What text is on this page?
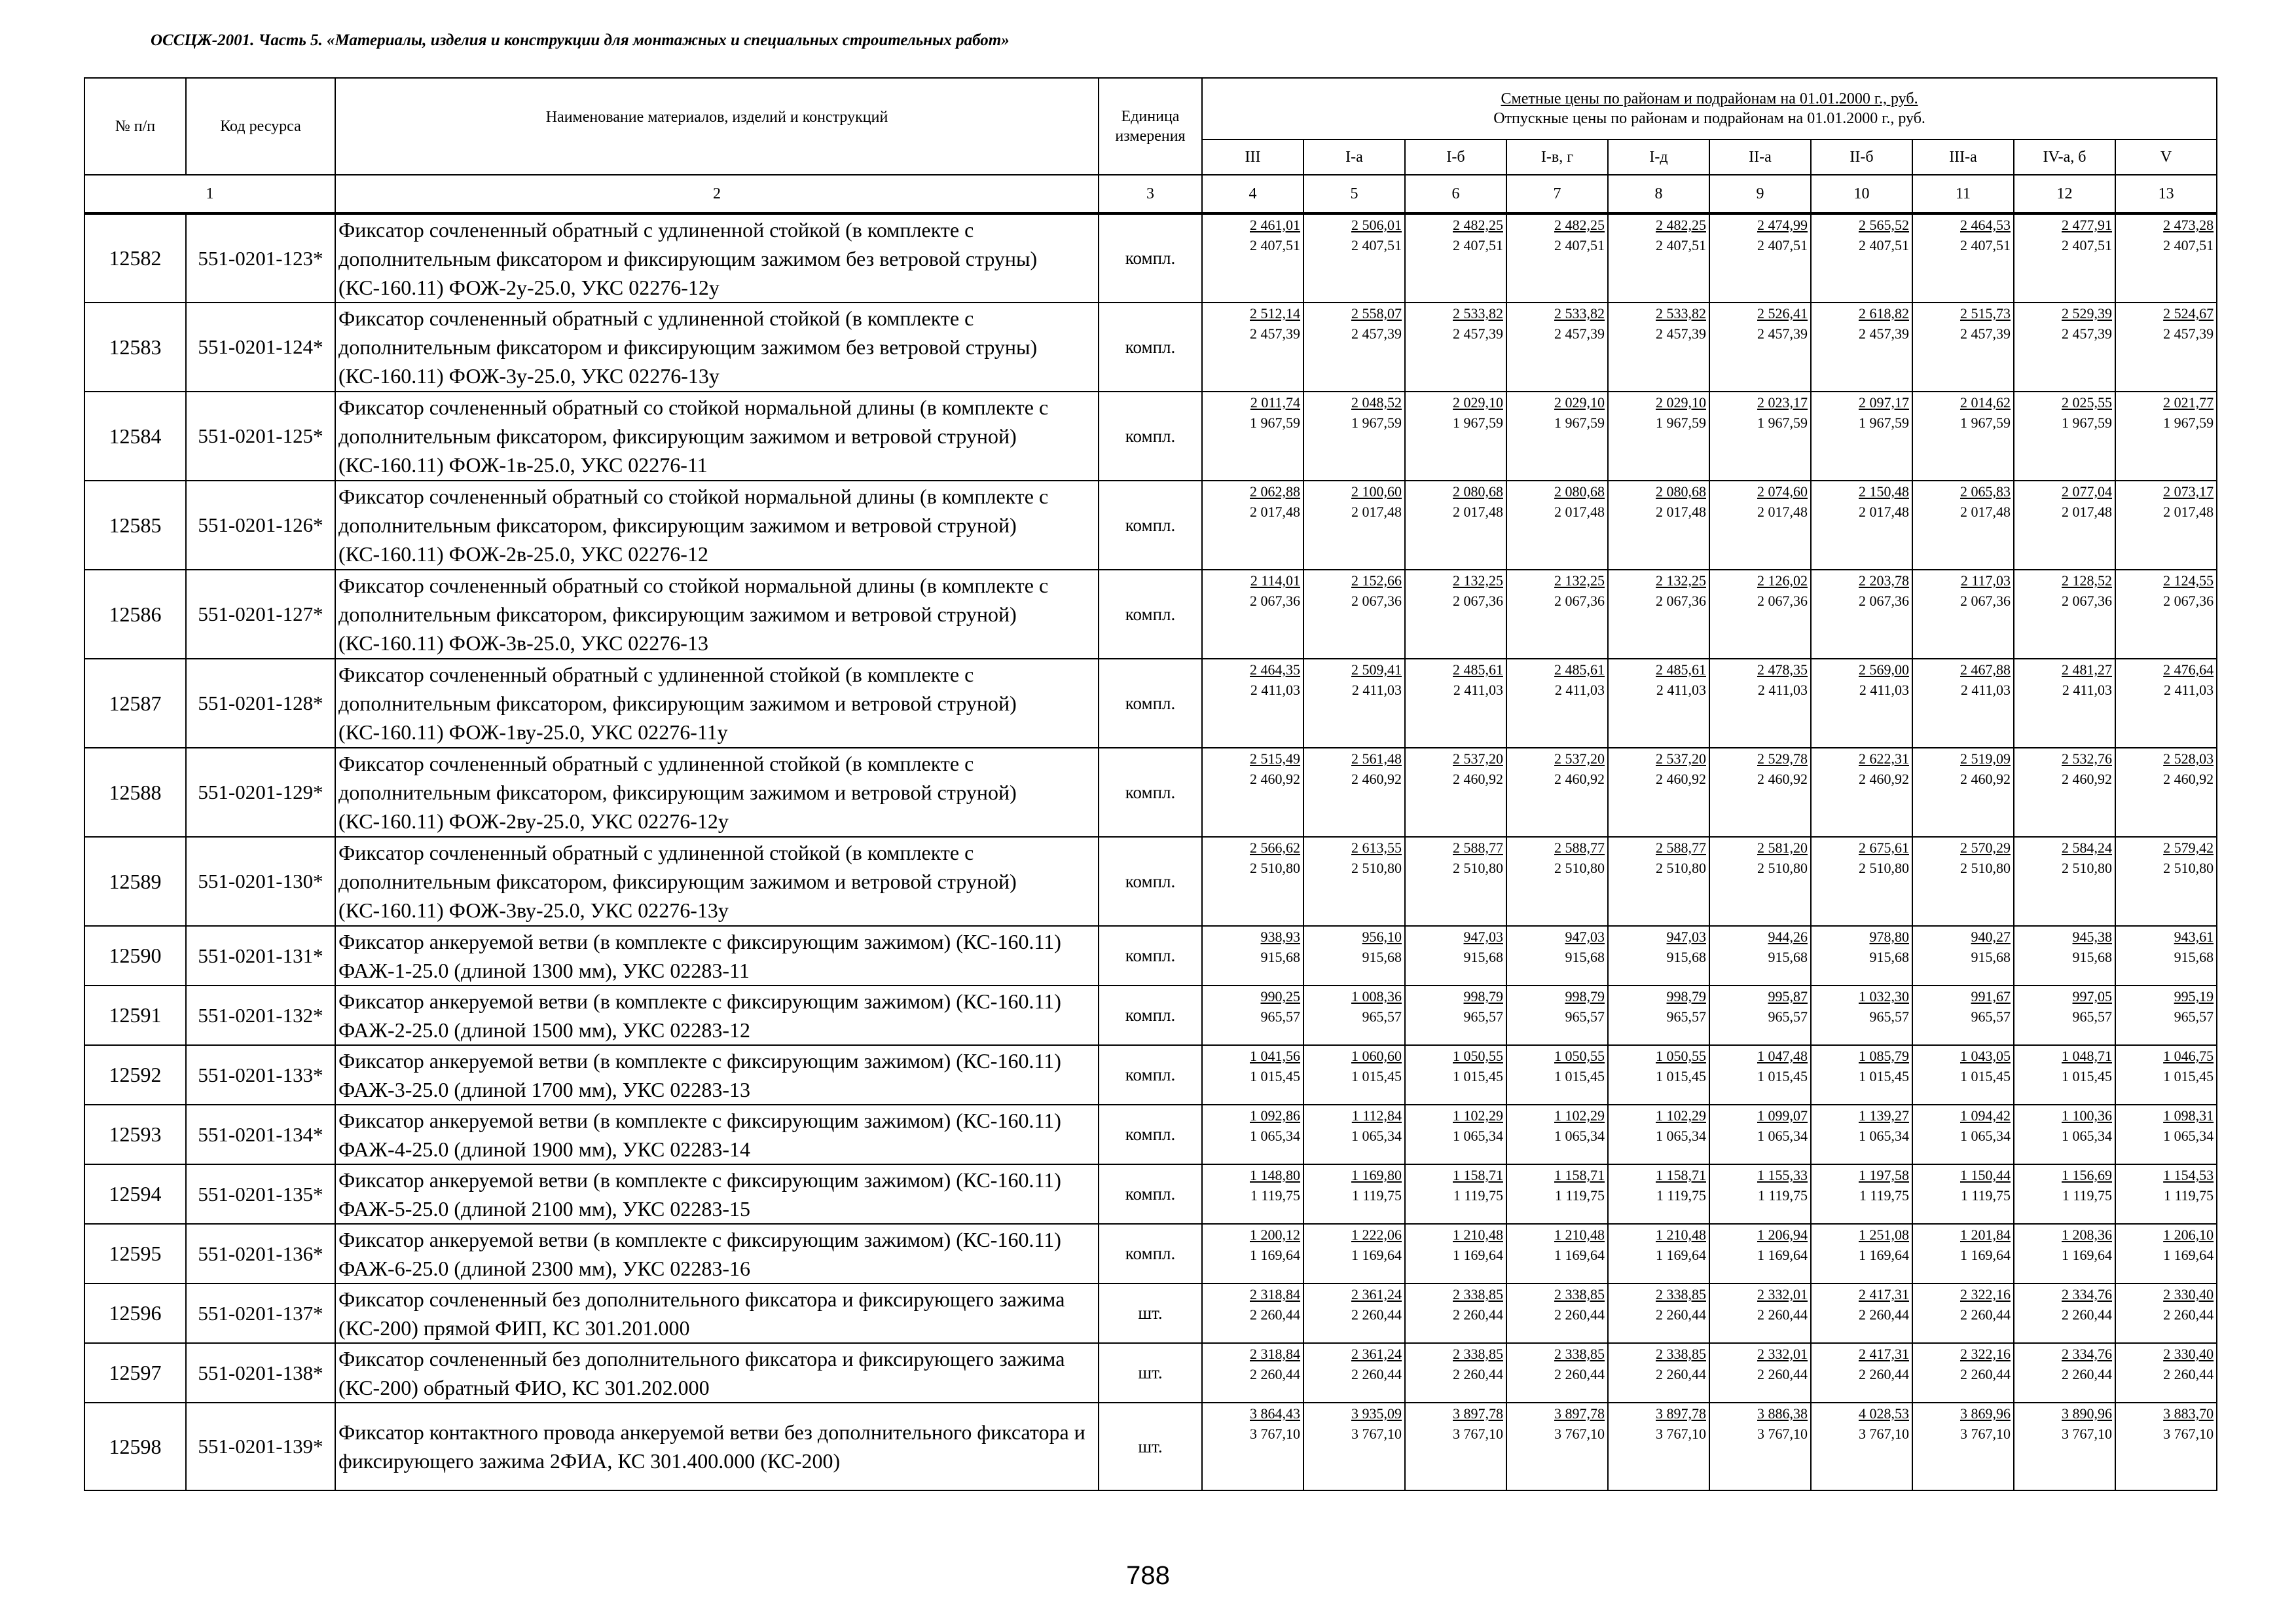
ОССЦЖ-2001. Часть 5. «Материалы, изделия и конструкции для монтажных и специальных строительных работ»
№ п/п	Код ресурса	Наименование материалов, изделий и конструкций	Единица измерения	Сметные цены по районам и подрайонам на 01.01.2000 г., руб.
Отпускные цены по районам и подрайонам на 01.01.2000 г., руб.									

				III	I-а	I-б	I-в, г	I-д	II-а	II-б	III-а	IV-а, б	V
1		2	3	4	5	6	7	8	9	10	11	12	13
12582	551-0201-123*	Фиксатор сочлененный обратный с удлиненной стойкой (в комплекте с дополнительным фиксатором и фиксирующим зажимом без ветровой струны) (КС-160.11) ФОЖ-2у-25.0, УКС 02276-12у	компл.	2 461,01
2 407,51	2 506,01
2 407,51	2 482,25
2 407,51	2 482,25
2 407,51	2 482,25
2 407,51	2 474,99
2 407,51	2 565,52
2 407,51	2 464,53
2 407,51	2 477,91
2 407,51	2 473,28
2 407,51

12583	551-0201-124*	Фиксатор сочлененный обратный с удлиненной стойкой (в комплекте с дополнительным фиксатором и фиксирующим зажимом без ветровой струны) (КС-160.11) ФОЖ-3у-25.0, УКС 02276-13у	компл.	2 512,14
2 457,39	2 558,07
2 457,39	2 533,82
2 457,39	2 533,82
2 457,39	2 533,82
2 457,39	2 526,41
2 457,39	2 618,82
2 457,39	2 515,73
2 457,39	2 529,39
2 457,39	2 524,67
2 457,39

12584	551-0201-125*	Фиксатор сочлененный обратный со стойкой нормальной длины (в комплекте с дополнительным фиксатором, фиксирующим зажимом и ветровой струной) (КС-160.11) ФОЖ-1в-25.0, УКС 02276-11	компл.	2 011,74
1 967,59	2 048,52
1 967,59	2 029,10
1 967,59	2 029,10
1 967,59	2 029,10
1 967,59	2 023,17
1 967,59	2 097,17
1 967,59	2 014,62
1 967,59	2 025,55
1 967,59	2 021,77
1 967,59

12585	551-0201-126*	Фиксатор сочлененный обратный со стойкой нормальной длины (в комплекте с дополнительным фиксатором, фиксирующим зажимом и ветровой струной) (КС-160.11) ФОЖ-2в-25.0, УКС 02276-12	компл.	2 062,88
2 017,48	2 100,60
2 017,48	2 080,68
2 017,48	2 080,68
2 017,48	2 080,68
2 017,48	2 074,60
2 017,48	2 150,48
2 017,48	2 065,83
2 017,48	2 077,04
2 017,48	2 073,17
2 017,48

12586	551-0201-127*	Фиксатор сочлененный обратный со стойкой нормальной длины (в комплекте с дополнительным фиксатором, фиксирующим зажимом и ветровой струной) (КС-160.11) ФОЖ-3в-25.0, УКС 02276-13	компл.	2 114,01
2 067,36	2 152,66
2 067,36	2 132,25
2 067,36	2 132,25
2 067,36	2 132,25
2 067,36	2 126,02
2 067,36	2 203,78
2 067,36	2 117,03
2 067,36	2 128,52
2 067,36	2 124,55
2 067,36

12587	551-0201-128*	Фиксатор сочлененный обратный с удлиненной стойкой (в комплекте с дополнительным фиксатором, фиксирующим зажимом и ветровой струной) (КС-160.11) ФОЖ-1ву-25.0, УКС 02276-11у	компл.	2 464,35
2 411,03	2 509,41
2 411,03	2 485,61
2 411,03	2 485,61
2 411,03	2 485,61
2 411,03	2 478,35
2 411,03	2 569,00
2 411,03	2 467,88
2 411,03	2 481,27
2 411,03	2 476,64
2 411,03

12588	551-0201-129*	Фиксатор сочлененный обратный с удлиненной стойкой (в комплекте с дополнительным фиксатором, фиксирующим зажимом и ветровой струной) (КС-160.11) ФОЖ-2ву-25.0, УКС 02276-12у	компл.	2 515,49
2 460,92	2 561,48
2 460,92	2 537,20
2 460,92	2 537,20
2 460,92	2 537,20
2 460,92	2 529,78
2 460,92	2 622,31
2 460,92	2 519,09
2 460,92	2 532,76
2 460,92	2 528,03
2 460,92

12589	551-0201-130*	Фиксатор сочлененный обратный с удлиненной стойкой (в комплекте с дополнительным фиксатором, фиксирующим зажимом и ветровой струной) (КС-160.11) ФОЖ-3ву-25.0, УКС 02276-13у	компл.	2 566,62
2 510,80	2 613,55
2 510,80	2 588,77
2 510,80	2 588,77
2 510,80	2 588,77
2 510,80	2 581,20
2 510,80	2 675,61
2 510,80	2 570,29
2 510,80	2 584,24
2 510,80	2 579,42
2 510,80

12590	551-0201-131*	Фиксатор анкеруемой ветви (в комплекте с фиксирующим зажимом) (КС-160.11) ФАЖ-1-25.0 (длиной 1300 мм), УКС 02283-11	компл.	938,93
915,68	956,10
915,68	947,03
915,68	947,03
915,68	947,03
915,68	944,26
915,68	978,80
915,68	940,27
915,68	945,38
915,68	943,61
915,68

12591	551-0201-132*	Фиксатор анкеруемой ветви (в комплекте с фиксирующим зажимом) (КС-160.11) ФАЖ-2-25.0 (длиной 1500 мм), УКС 02283-12	компл.	990,25
965,57	1 008,36
965,57	998,79
965,57	998,79
965,57	998,79
965,57	995,87
965,57	1 032,30
965,57	991,67
965,57	997,05
965,57	995,19
965,57

12592	551-0201-133*	Фиксатор анкеруемой ветви (в комплекте с фиксирующим зажимом) (КС-160.11) ФАЖ-3-25.0 (длиной 1700 мм), УКС 02283-13	компл.	1 041,56
1 015,45	1 060,60
1 015,45	1 050,55
1 015,45	1 050,55
1 015,45	1 050,55
1 015,45	1 047,48
1 015,45	1 085,79
1 015,45	1 043,05
1 015,45	1 048,71
1 015,45	1 046,75
1 015,45

12593	551-0201-134*	Фиксатор анкеруемой ветви (в комплекте с фиксирующим зажимом) (КС-160.11) ФАЖ-4-25.0 (длиной 1900 мм), УКС 02283-14	компл.	1 092,86
1 065,34	1 112,84
1 065,34	1 102,29
1 065,34	1 102,29
1 065,34	1 102,29
1 065,34	1 099,07
1 065,34	1 139,27
1 065,34	1 094,42
1 065,34	1 100,36
1 065,34	1 098,31
1 065,34

12594	551-0201-135*	Фиксатор анкеруемой ветви (в комплекте с фиксирующим зажимом) (КС-160.11) ФАЖ-5-25.0 (длиной 2100 мм), УКС 02283-15	компл.	1 148,80
1 119,75	1 169,80
1 119,75	1 158,71
1 119,75	1 158,71
1 119,75	1 158,71
1 119,75	1 155,33
1 119,75	1 197,58
1 119,75	1 150,44
1 119,75	1 156,69
1 119,75	1 154,53
1 119,75

12595	551-0201-136*	Фиксатор анкеруемой ветви (в комплекте с фиксирующим зажимом) (КС-160.11) ФАЖ-6-25.0 (длиной 2300 мм), УКС 02283-16	компл.	1 200,12
1 169,64	1 222,06
1 169,64	1 210,48
1 169,64	1 210,48
1 169,64	1 210,48
1 169,64	1 206,94
1 169,64	1 251,08
1 169,64	1 201,84
1 169,64	1 208,36
1 169,64	1 206,10
1 169,64

12596	551-0201-137*	Фиксатор сочлененный без дополнительного фиксатора и фиксирующего зажима (КС-200) прямой ФИП, КС 301.201.000	шт.	2 318,84
2 260,44	2 361,24
2 260,44	2 338,85
2 260,44	2 338,85
2 260,44	2 338,85
2 260,44	2 332,01
2 260,44	2 417,31
2 260,44	2 322,16
2 260,44	2 334,76
2 260,44	2 330,40
2 260,44

12597	551-0201-138*	Фиксатор сочлененный без дополнительного фиксатора и фиксирующего зажима (КС-200) обратный ФИО, КС 301.202.000	шт.	2 318,84
2 260,44	2 361,24
2 260,44	2 338,85
2 260,44	2 338,85
2 260,44	2 338,85
2 260,44	2 332,01
2 260,44	2 417,31
2 260,44	2 322,16
2 260,44	2 334,76
2 260,44	2 330,40
2 260,44

12598	551-0201-139*	Фиксатор контактного провода анкеруемой ветви без дополнительного фиксатора и фиксирующего зажима 2ФИА, КС 301.400.000 (КС-200)	шт.	3 864,43
3 767,10	3 935,09
3 767,10	3 897,78
3 767,10	3 897,78
3 767,10	3 897,78
3 767,10	3 886,38
3 767,10	4 028,53
3 767,10	3 869,96
3 767,10	3 890,96
3 767,10	3 883,70
3 767,10
788
